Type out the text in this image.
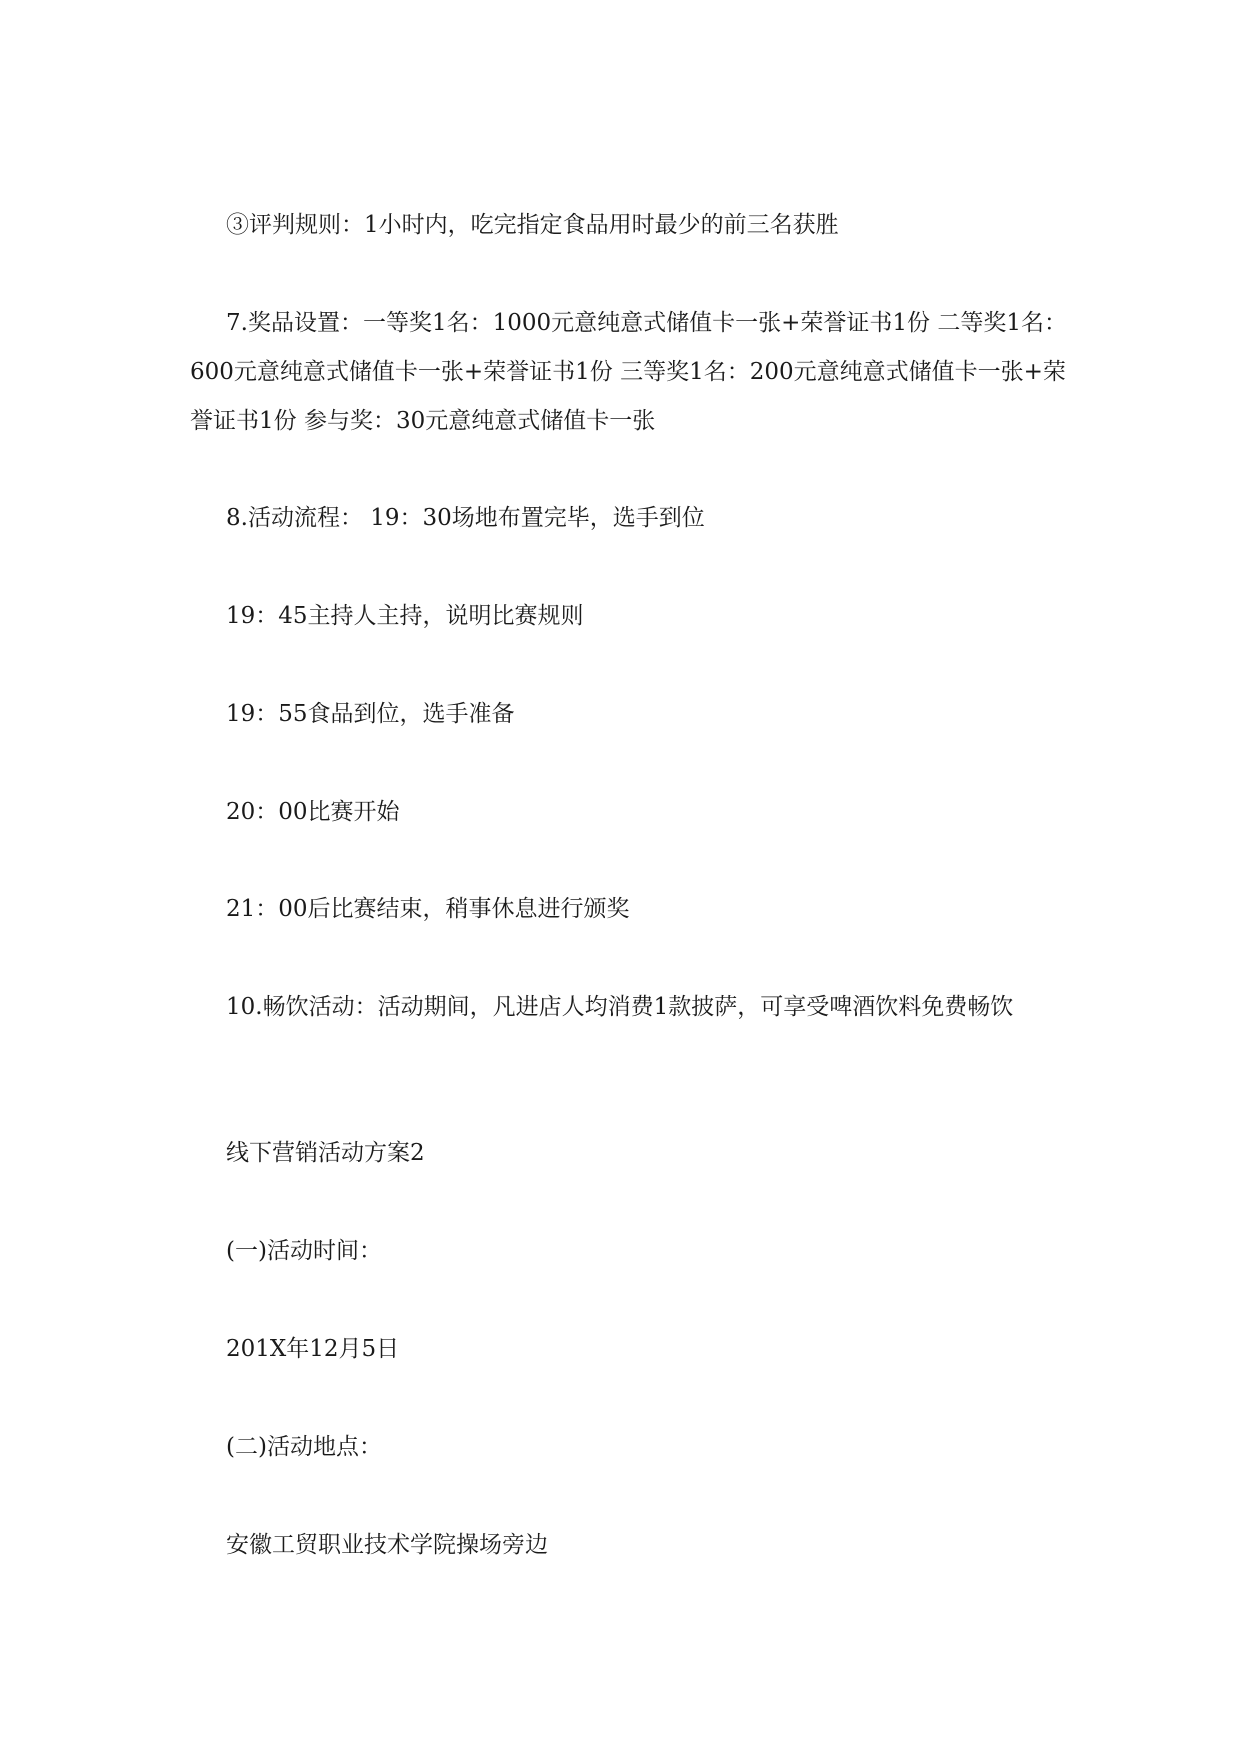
③评判规则：1小时内，吃完指定食品用时最少的前三名获胜

7.奖品设置：一等奖1名：1000元意纯意式储值卡一张+荣誉证书1份 二等奖1名：600元意纯意式储值卡一张+荣誉证书1份 三等奖1名：200元意纯意式储值卡一张+荣誉证书1份 参与奖：30元意纯意式储值卡一张

8.活动流程： 19：30场地布置完毕，选手到位

19：45主持人主持，说明比赛规则

19：55食品到位，选手准备

20：00比赛开始

21：00后比赛结束，稍事休息进行颁奖

10.畅饮活动：活动期间，凡进店人均消费1款披萨，可享受啤酒饮料免费畅饮

线下营销活动方案2

(一)活动时间：

201X年12月5日

(二)活动地点：

安徽工贸职业技术学院操场旁边
